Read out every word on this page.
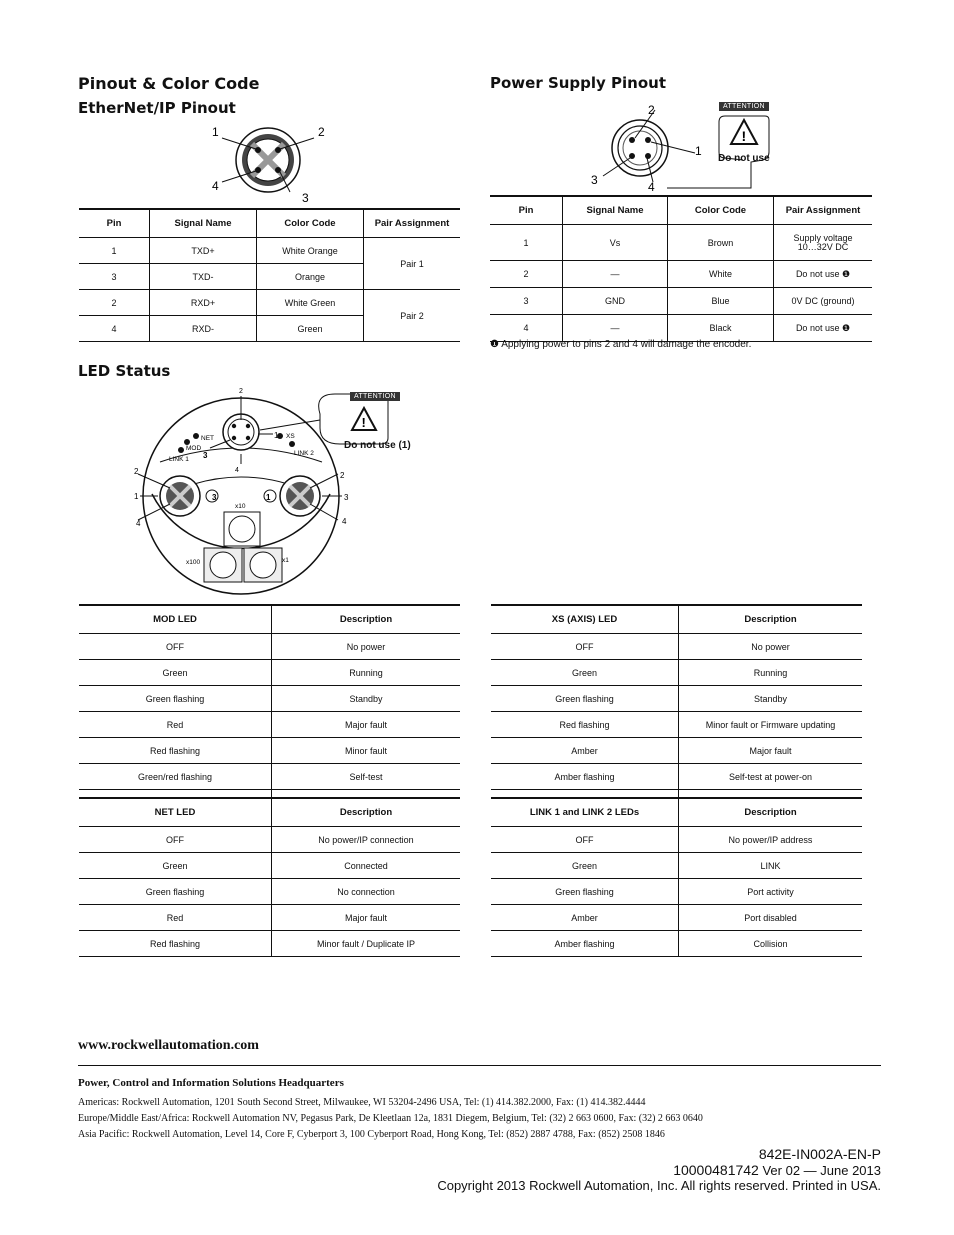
Pinout & Color Code
EtherNet/IP Pinout
Power Supply Pinout
LED Status
1	2
4
3
Pin	Signal Name	Color Code	Pair Assignment
1	TXD+	White Orange	Pair 1
3	TXD-	Orange	
2	RXD+	White Green	Pair 2
4	RXD-	Green	
2
1
3	4
!
ATTENTION
Do not use
Pin	Signal Name	Color Code	Pair Assignment
1	Vs	Brown	Supply voltage
10…32V DC
2	—	White	Do not use ❶
3	GND	Blue	0V DC (ground)
4	—	Black	Do not use ❶
❶ Applying power to pins 2 and 4 will damage the encoder.
2
4
3
1
NET
MOD
LINK 1
XS
LINK 2
2
1
4
3
2
3
4
1
x10
x100	x1
!
ATTENTION
Do not use (1)
MOD LED	Description
OFF	No power
Green	Running
Green flashing	Standby
Red	Major fault
Red flashing	Minor fault
Green/red flashing	Self-test

NET LED	Description
OFF	No power/IP connection
Green	Connected
Green flashing	No connection
Red	Major fault
Red flashing	Minor fault / Duplicate IP
XS (AXIS) LED	Description
OFF	No power
Green	Running
Green flashing	Standby
Red flashing	Minor fault or Firmware updating
Amber	Major fault
Amber flashing	Self-test at power-on

LINK 1 and LINK 2 LEDs	Description
OFF	No power/IP address
Green	LINK
Green flashing	Port activity
Amber	Port disabled
Amber flashing	Collision
www.rockwellautomation.com
Power, Control and Information Solutions Headquarters
Americas: Rockwell Automation, 1201 South Second Street, Milwaukee, WI 53204-2496 USA, Tel: (1) 414.382.2000, Fax: (1) 414.382.4444
Europe/Middle East/Africa: Rockwell Automation NV, Pegasus Park, De Kleetlaan 12a, 1831 Diegem, Belgium, Tel: (32) 2 663 0600, Fax: (32) 2 663 0640
Asia Pacific: Rockwell Automation, Level 14, Core F, Cyberport 3, 100 Cyberport Road, Hong Kong, Tel: (852) 2887 4788, Fax: (852) 2508 1846
842E-IN002A-EN-P
10000481742 Ver 02 — June 2013
Copyright 2013 Rockwell Automation, Inc. All rights reserved. Printed in USA.
